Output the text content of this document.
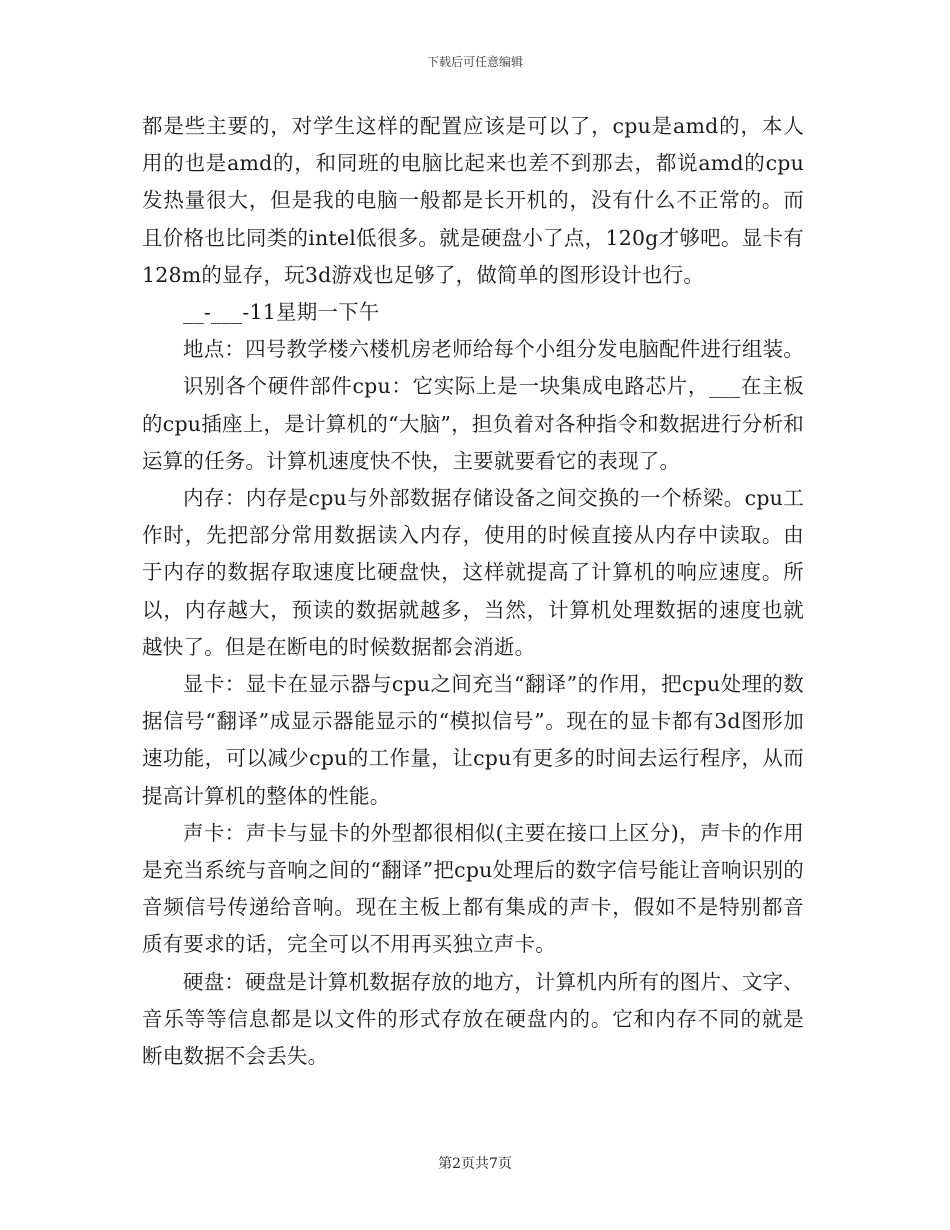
下载后可任意编辑

都是些主要的，对学生这样的配置应该是可以了，cpu是amd的，本人用的也是amd的，和同班的电脑比起来也差不到那去，都说amd的cpu发热量很大，但是我的电脑一般都是长开机的，没有什么不正常的。而且价格也比同类的intel低很多。就是硬盘小了点，120g才够吧。显卡有128m的显存，玩3d游戏也足够了，做简单的图形设计也行。

__-___-11星期一下午

地点：四号教学楼六楼机房老师给每个小组分发电脑配件进行组装。

识别各个硬件部件cpu：它实际上是一块集成电路芯片，___在主板的cpu插座上，是计算机的“大脑”，担负着对各种指令和数据进行分析和运算的任务。计算机速度快不快，主要就要看它的表现了。

内存：内存是cpu与外部数据存储设备之间交换的一个桥梁。cpu工作时，先把部分常用数据读入内存，使用的时候直接从内存中读取。由于内存的数据存取速度比硬盘快，这样就提高了计算机的响应速度。所以，内存越大，预读的数据就越多，当然，计算机处理数据的速度也就越快了。但是在断电的时候数据都会消逝。

显卡：显卡在显示器与cpu之间充当“翻译”的作用，把cpu处理的数据信号“翻译”成显示器能显示的“模拟信号”。现在的显卡都有3d图形加速功能，可以减少cpu的工作量，让cpu有更多的时间去运行程序，从而提高计算机的整体的性能。

声卡：声卡与显卡的外型都很相似(主要在接口上区分)，声卡的作用是充当系统与音响之间的“翻译”把cpu处理后的数字信号能让音响识别的音频信号传递给音响。现在主板上都有集成的声卡，假如不是特别都音质有要求的话，完全可以不用再买独立声卡。

硬盘：硬盘是计算机数据存放的地方，计算机内所有的图片、文字、音乐等等信息都是以文件的形式存放在硬盘内的。它和内存不同的就是断电数据不会丢失。

第2页共7页
